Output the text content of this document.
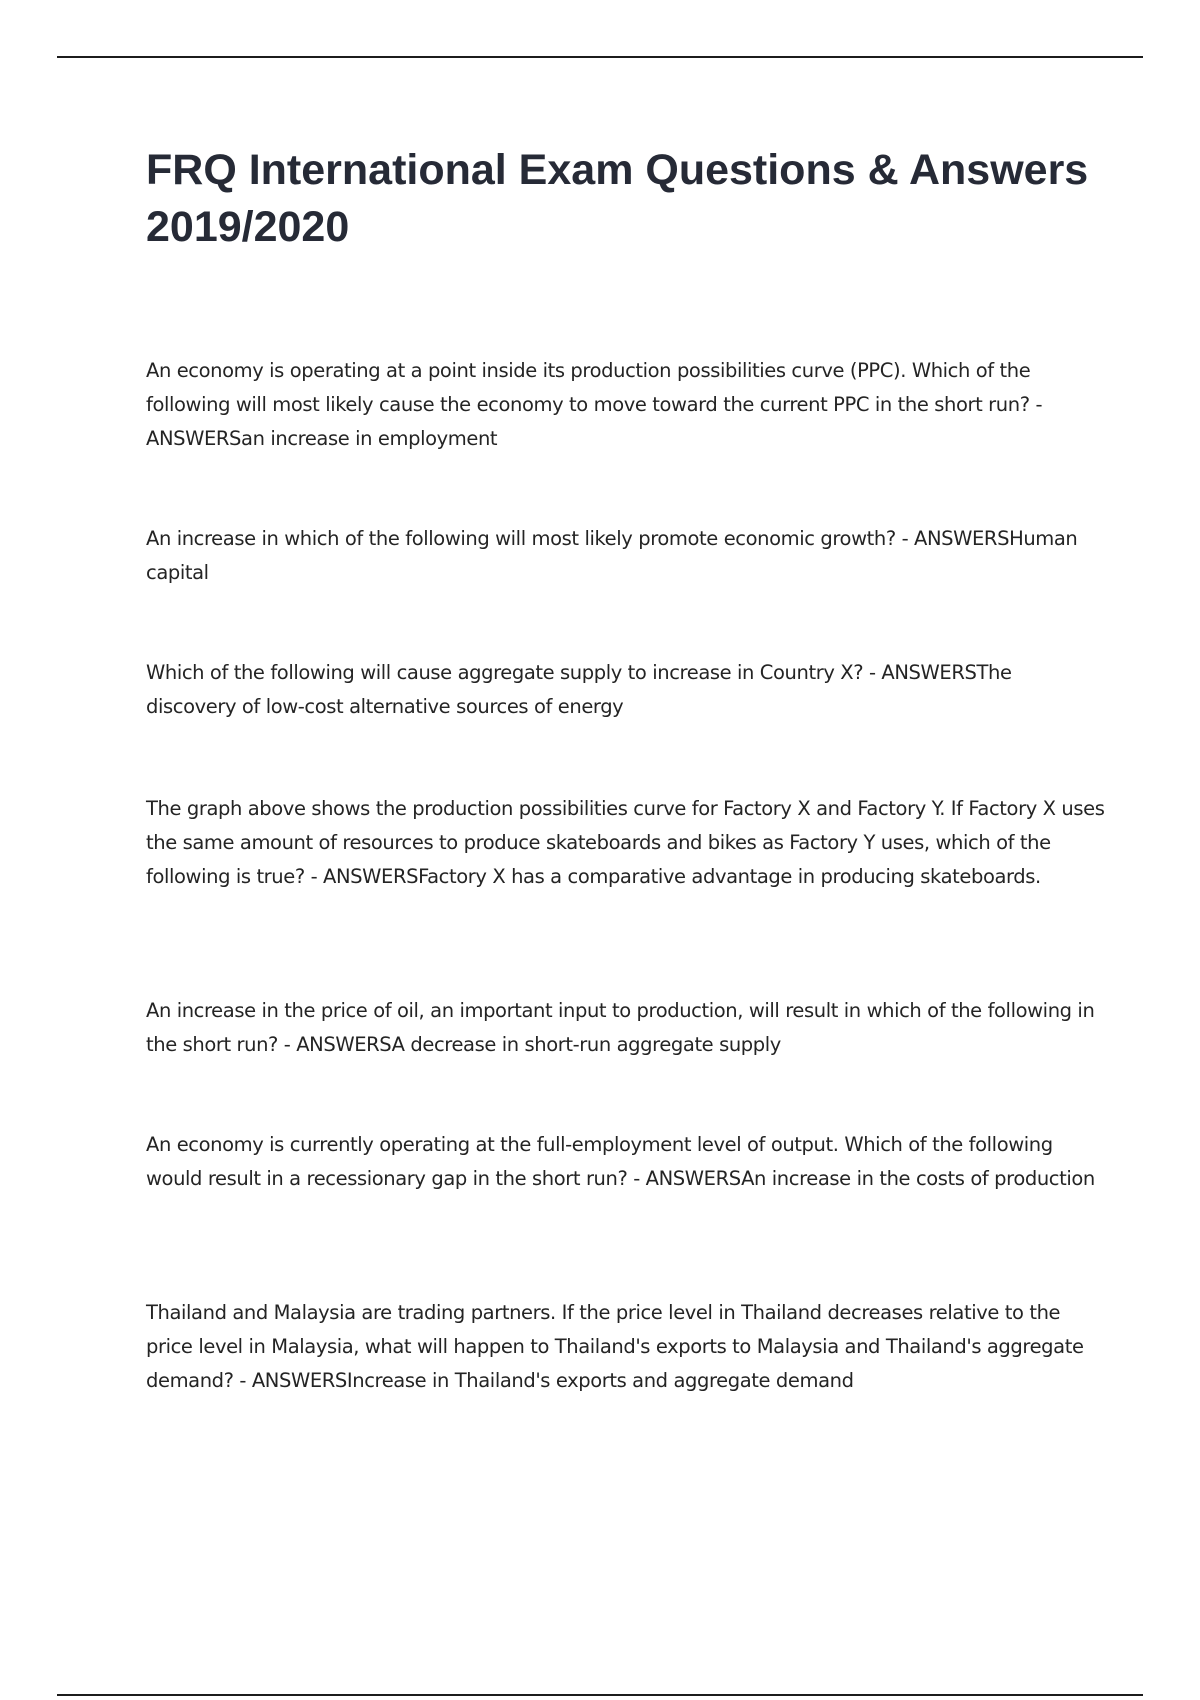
FRQ International Exam Questions & Answers 2019/2020

An economy is operating at a point inside its production possibilities curve (PPC). Which of the following will most likely cause the economy to move toward the current PPC in the short run? - ANSWERSan increase in employment

An increase in which of the following will most likely promote economic growth? - ANSWERSHuman capital

Which of the following will cause aggregate supply to increase in Country X? - ANSWERSThe discovery of low-cost alternative sources of energy

The graph above shows the production possibilities curve for Factory X and Factory Y. If Factory X uses the same amount of resources to produce skateboards and bikes as Factory Y uses, which of the following is true? - ANSWERSFactory X has a comparative advantage in producing skateboards.

An increase in the price of oil, an important input to production, will result in which of the following in the short run? - ANSWERSA decrease in short-run aggregate supply

An economy is currently operating at the full-employment level of output. Which of the following would result in a recessionary gap in the short run? - ANSWERSAn increase in the costs of production

Thailand and Malaysia are trading partners. If the price level in Thailand decreases relative to the price level in Malaysia, what will happen to Thailand's exports to Malaysia and Thailand's aggregate demand? - ANSWERSIncrease in Thailand's exports and aggregate demand
